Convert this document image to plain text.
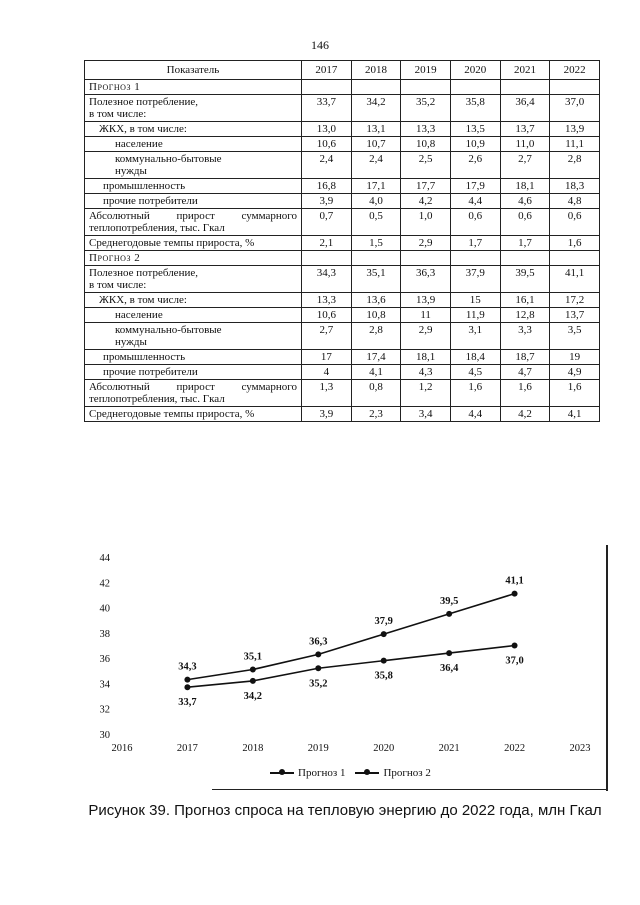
146
Показатель	2017	2018	2019	2020	2021	2022
Прогноз 1						
Полезное потребление,
в том числе:	33,7	34,2	35,2	35,8	36,4	37,0
ЖКХ, в том числе:	13,0	13,1	13,3	13,5	13,7	13,9
население	10,6	10,7	10,8	10,9	11,0	11,1
коммунально-бытовые
нужды	2,4	2,4	2,5	2,6	2,7	2,8
промышленность	16,8	17,1	17,7	17,9	18,1	18,3
прочие потребители	3,9	4,0	4,2	4,4	4,6	4,8
Абсолютный прирост суммарного теплопотребления, тыс. Гкал	0,7	0,5	1,0	0,6	0,6	0,6
Среднегодовые темпы прироста, %	2,1	1,5	2,9	1,7	1,7	1,6
Прогноз 2						
Полезное потребление,
в том числе:	34,3	35,1	36,3	37,9	39,5	41,1
ЖКХ, в том числе:	13,3	13,6	13,9	15	16,1	17,2
население	10,6	10,8	11	11,9	12,8	13,7
коммунально-бытовые
нужды	2,7	2,8	2,9	3,1	3,3	3,5
промышленность	17	17,4	18,1	18,4	18,7	19
прочие потребители	4	4,1	4,3	4,5	4,7	4,9
Абсолютный прирост суммарного теплопотребления, тыс. Гкал	1,3	0,8	1,2	1,6	1,6	1,6
Среднегодовые темпы прироста, %	3,9	2,3	3,4	4,4	4,2	4,1
44
42
40
38
36
34
32
30
2016	2017	2018	2019	2020	2021	2022	2023
33,7
34,2
35,2
35,8
36,4
37,0
34,3
35,1
36,3
37,9
39,5
41,1
Прогноз 1	Прогноз 2
Рисунок 39. Прогноз спроса на тепловую энергию до 2022 года, млн Гкал
